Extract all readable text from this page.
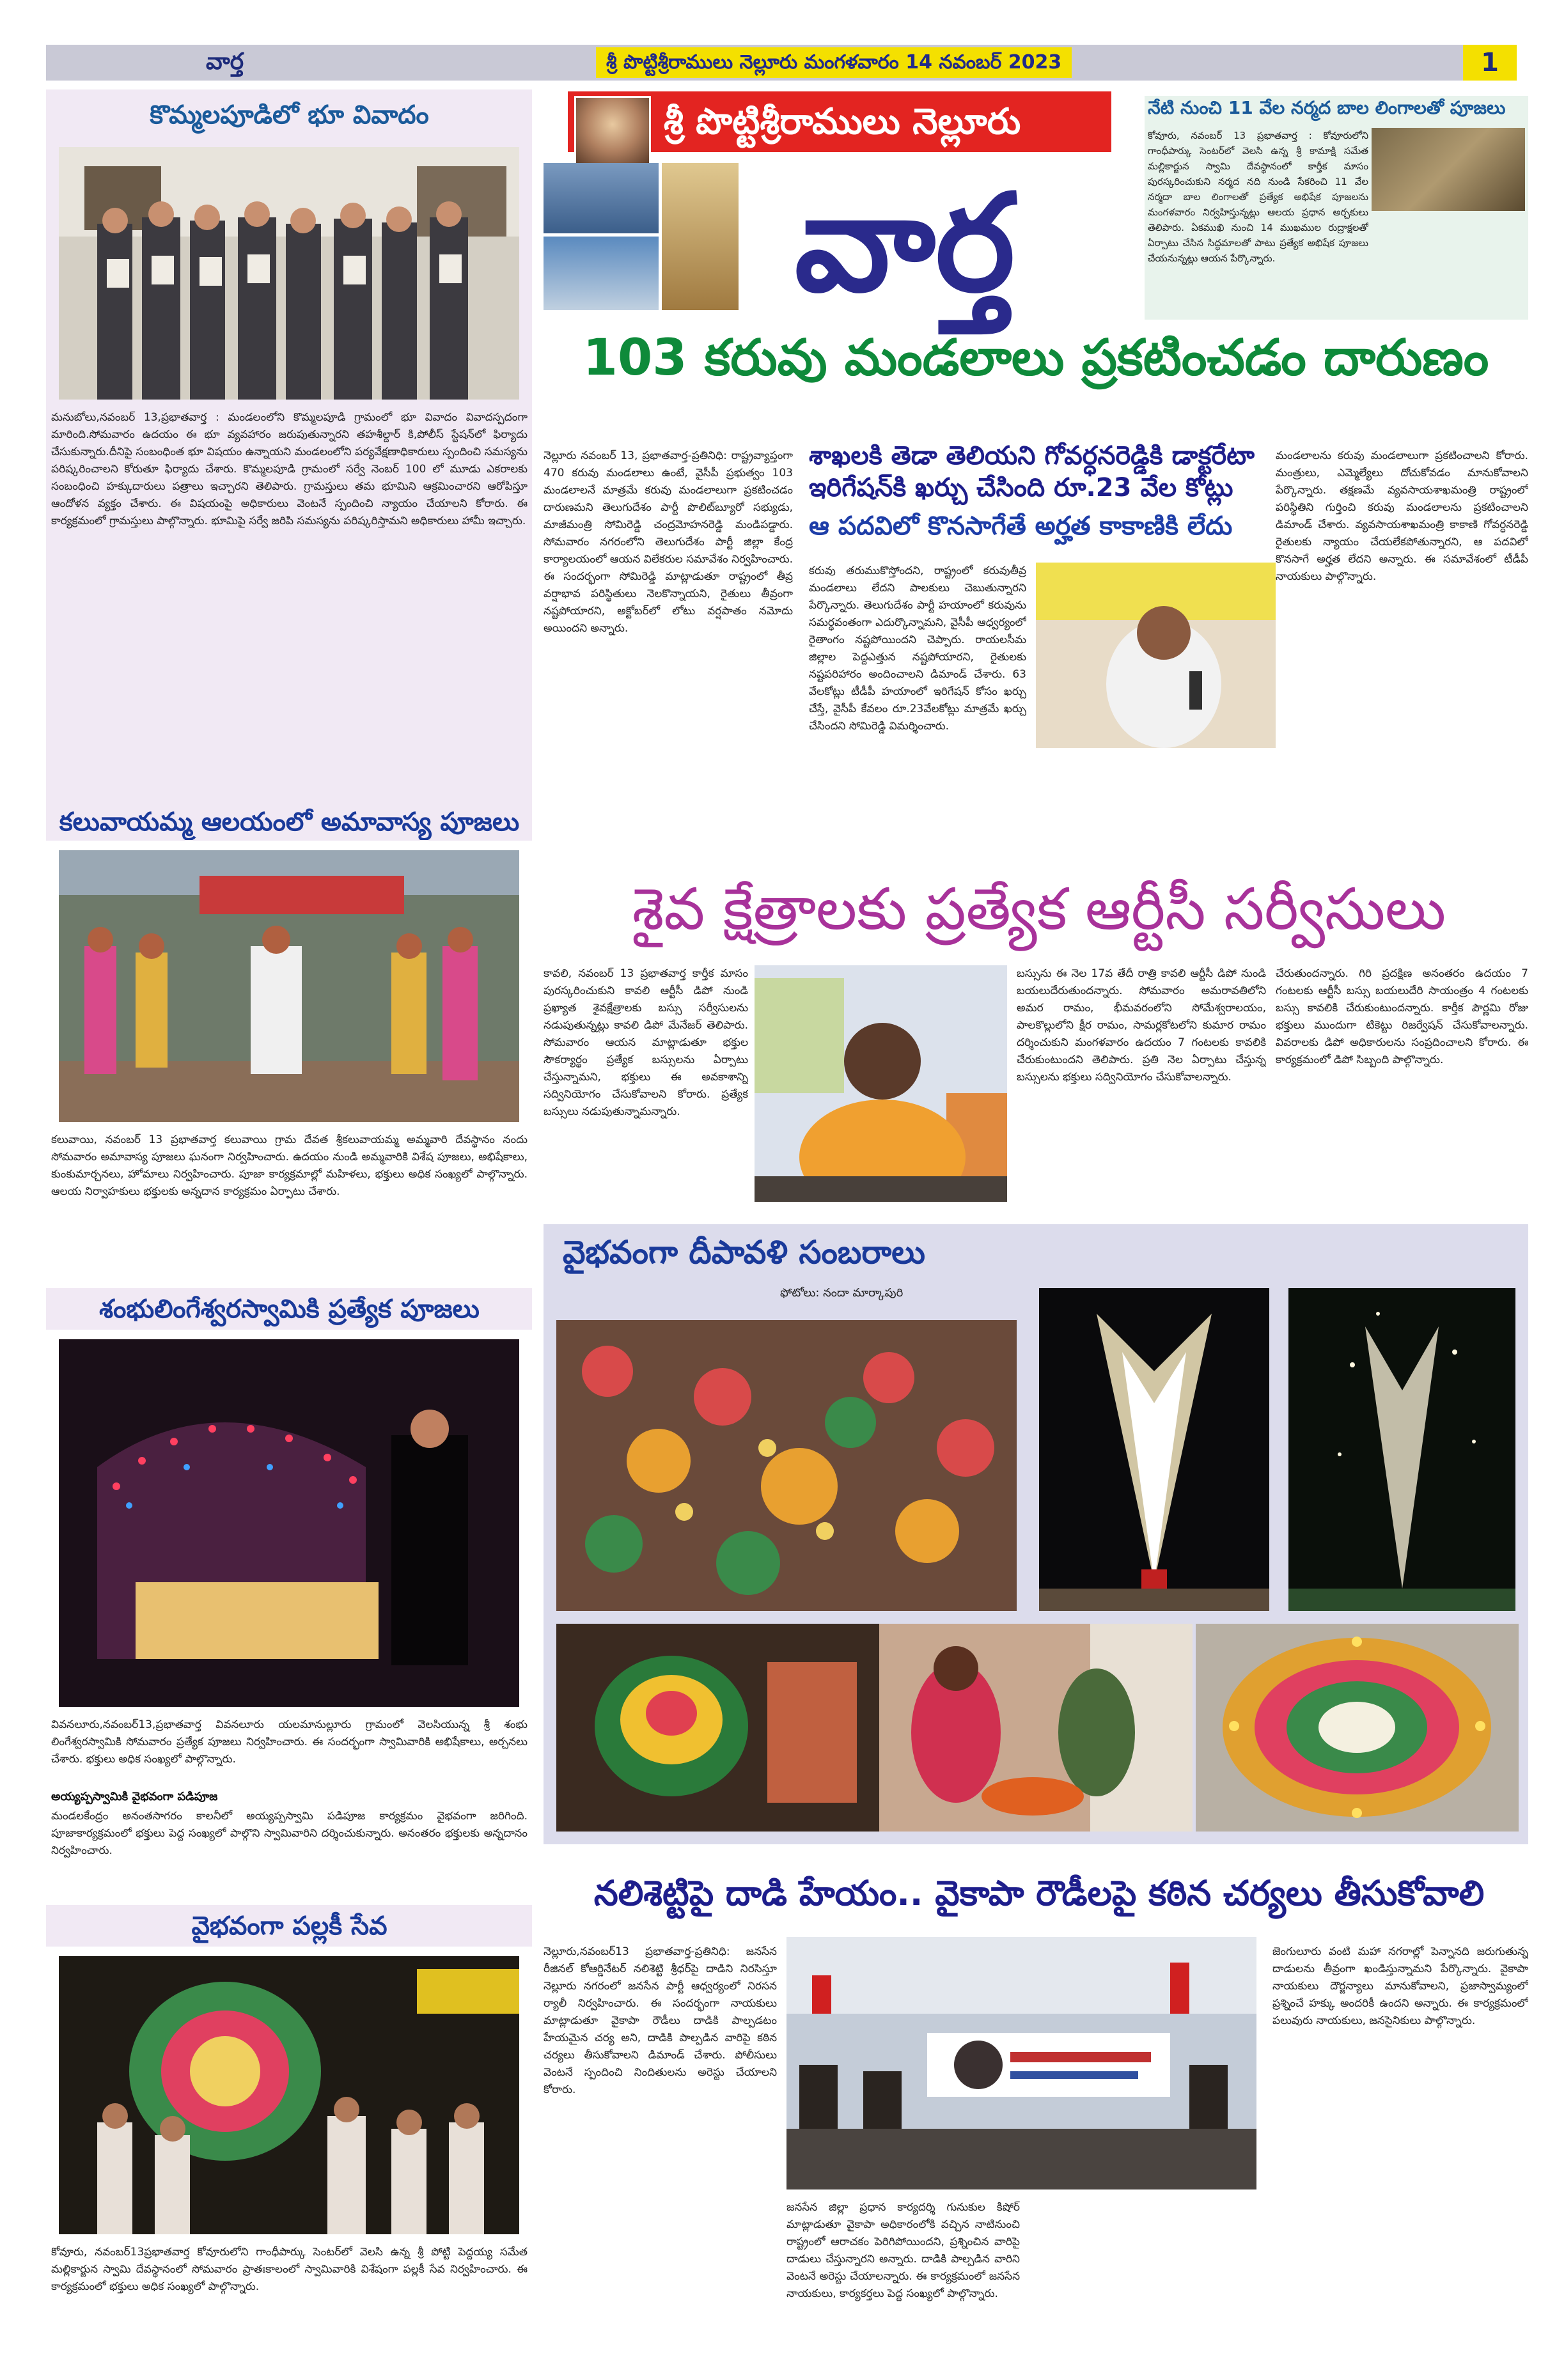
వార్త	శ్రీ పొట్టిశ్రీరాములు నెల్లూరు మంగళవారం 14 నవంబర్ 2023	1
కొమ్మలపూడిలో భూ వివాదం
మనుబోలు,నవంబర్ 13,ప్రభాతవార్త : మండలంలోని కొమ్మలపూడి గ్రామంలో భూ వివాదం వివాదస్పదంగా మారింది.సోమవారం ఉదయం ఈ భూ వ్యవహారం జరుపుతున్నారని తహశీల్దార్ కి,పోలీస్ స్టేషన్‌లో ఫిర్యాదు చేసుకున్నారు.దీనిపై సంబంధింత భూ విషయం ఉన్నాయని మండలంలోని పర్యవేక్షణాధికారులు స్పందించి సమస్యను పరిష్కరించాలని కోరుతూ ఫిర్యాదు చేశారు. కొమ్మలపూడి గ్రామంలో సర్వే నెంబర్ 100 లో మూడు ఎకరాలకు సంబంధించి హక్కుదారులు పత్రాలు ఇచ్చారని తెలిపారు. గ్రామస్తులు తమ భూమిని ఆక్రమించారని ఆరోపిస్తూ ఆందోళన వ్యక్తం చేశారు. ఈ విషయంపై అధికారులు వెంటనే స్పందించి న్యాయం చేయాలని కోరారు. ఈ కార్యక్రమంలో గ్రామస్తులు పాల్గొన్నారు. భూమిపై సర్వే జరిపి సమస్యను పరిష్కరిస్తామని అధికారులు హామీ ఇచ్చారు.
కలువాయమ్మ ఆలయంలో అమావాస్య పూజలు
కలువాయి, నవంబర్ 13 ప్రభాతవార్త కలువాయి గ్రామ దేవత శ్రీకలువాయమ్మ అమ్మవారి దేవస్థానం నందు సోమవారం అమావాస్య పూజలు ఘనంగా నిర్వహించారు. ఉదయం నుండి అమ్మవారికి విశేష పూజలు, అభిషేకాలు, కుంకుమార్చనలు, హోమాలు నిర్వహించారు. పూజా కార్యక్రమాల్లో మహిళలు, భక్తులు అధిక సంఖ్యలో పాల్గొన్నారు. ఆలయ నిర్వాహకులు భక్తులకు అన్నదాన కార్యక్రమం ఏర్పాటు చేశారు.
శంభులింగేశ్వరస్వామికి ప్రత్యేక పూజలు
వివనలూరు,నవంబర్13,ప్రభాతవార్త వివనలూరు యలమానుల్లూరు గ్రామంలో వెలసియున్న శ్రీ శంభు లింగేశ్వరస్వామికి సోమవారం ప్రత్యేక పూజలు నిర్వహించారు. ఈ సందర్భంగా స్వామివారికి అభిషేకాలు, అర్చనలు చేశారు. భక్తులు అధిక సంఖ్యలో పాల్గొన్నారు.
అయ్యప్పస్వామికి వైభవంగా పడిపూజ
మండలకేంద్రం అనంతసాగరం కాలనీలో అయ్యప్పస్వామి పడిపూజ కార్యక్రమం వైభవంగా జరిగింది. పూజాకార్యక్రమంలో భక్తులు పెద్ద సంఖ్యలో పాల్గొని స్వామివారిని దర్శించుకున్నారు. అనంతరం భక్తులకు అన్నదానం నిర్వహించారు.
వైభవంగా పల్లకీ సేవ
కోవూరు, నవంబర్13ప్రభాతవార్త కోవూరులోని గాంధీపార్కు సెంటర్‌లో వెలసి ఉన్న శ్రీ పోట్టి పెద్దయ్య సమేత మల్లికార్జున స్వామి దేవస్థానంలో సోమవారం ప్రాతఃకాలంలో స్వామివారికి విశేషంగా పల్లకీ సేవ నిర్వహించారు. ఈ కార్యక్రమంలో భక్తులు అధిక సంఖ్యలో పాల్గొన్నారు.
శ్రీ పొట్టిశ్రీరాములు నెల్లూరు
వార్త
నేటి నుంచి 11 వేల నర్మద బాల లింగాలతో పూజలు
కోవూరు, నవంబర్ 13 ప్రభాతవార్త : కోవూరులోని గాంధీపార్కు సెంటర్‌లో వెలసి ఉన్న శ్రీ కామాక్షి సమేత మల్లికార్జున స్వామి దేవస్థానంలో కార్తీక మాసం పురస్కరించుకుని నర్మద నది నుండి సేకరించి 11 వేల నర్మదా బాల లింగాలతో ప్రత్యేక అభిషేక పూజలను మంగళవారం నిర్వహిస్తున్నట్లు ఆలయ ప్రధాన అర్చకులు తెలిపారు. ఏకముఖి నుంచి 14 ముఖముల రుద్రాక్షలతో ఏర్పాటు చేసిన సిద్ధమాలతో పాటు ప్రత్యేక అభిషేక పూజలు చేయనున్నట్లు ఆయన పేర్కొన్నారు.
103 కరువు మండలాలు ప్రకటించడం దారుణం
నెల్లూరు నవంబర్ 13, ప్రభాతవార్త-ప్రతినిధి: రాష్ట్రవ్యాప్తంగా 470 కరువు మండలాలు ఉంటే, వైసీపీ ప్రభుత్వం 103 మండలాలనే మాత్రమే కరువు మండలాలుగా ప్రకటించడం దారుణమని తెలుగుదేశం పార్టీ పొలిట్‌బ్యూరో సభ్యుడు, మాజీమంత్రి సోమిరెడ్డి చంద్రమోహనరెడ్డి మండిపడ్డారు. సోమవారం నగరంలోని తెలుగుదేశం పార్టీ జిల్లా కేంద్ర కార్యాలయంలో ఆయన విలేకరుల సమావేశం నిర్వహించారు. ఈ సందర్భంగా సోమిరెడ్డి మాట్లాడుతూ రాష్ట్రంలో తీవ్ర వర్షాభావ పరిస్థితులు నెలకొన్నాయని, రైతులు తీవ్రంగా నష్టపోయారని, అక్టోబర్‌లో లోటు వర్షపాతం నమోదు అయిందని అన్నారు.
శాఖలకి తెడా తెలియని గోవర్ధనరెడ్డికి డాక్టరేటా
ఇరిగేషన్‌కి ఖర్చు చేసింది రూ.23 వేల కోట్లు
ఆ పదవిలో కొనసాగేతే అర్హత కాకాణికి లేదు
కరువు తరుముకొస్తోందని, రాష్ట్రంలో కరువుతీవ్ర మండలాలు లేదని పాలకులు చెబుతున్నారని పేర్కొన్నారు. తెలుగుదేశం పార్టీ హయాంలో కరువును సమర్థవంతంగా ఎదుర్కొన్నామని, వైసీపీ ఆధ్వర్యంలో రైతాంగం నష్టపోయిందని చెప్పారు. రాయలసీమ జిల్లాల పెద్దఎత్తున నష్టపోయారని, రైతులకు నష్టపరిహారం అందించాలని డిమాండ్ చేశారు. 63 వేలకోట్లు టీడీపీ హయాంలో ఇరిగేషన్ కోసం ఖర్చు చేస్తే, వైసీపీ కేవలం రూ.23వేలకోట్లు మాత్రమే ఖర్చు చేసిందని సోమిరెడ్డి విమర్శించారు.
మండలాలను కరువు మండలాలుగా ప్రకటించాలని కోరారు. మంత్రులు, ఎమ్మెల్యేలు దోచుకోవడం మానుకోవాలని పేర్కొన్నారు. తక్షణమే వ్యవసాయశాఖమంత్రి రాష్ట్రంలో పరిస్థితిని గుర్తించి కరువు మండలాలను ప్రకటించాలని డిమాండ్ చేశారు. వ్యవసాయశాఖమంత్రి కాకాణి గోవర్ధనరెడ్డి రైతులకు న్యాయం చేయలేకపోతున్నారని, ఆ పదవిలో కొనసాగే అర్హత లేదని అన్నారు. ఈ సమావేశంలో టీడీపీ నాయకులు పాల్గొన్నారు.
శైవ క్షేత్రాలకు ప్రత్యేక ఆర్టీసీ సర్వీసులు
కావలి, నవంబర్ 13 ప్రభాతవార్త కార్తీక మాసం పురస్కరించుకుని కావలి ఆర్టీసీ డిపో నుండి ప్రఖ్యాత శైవక్షేత్రాలకు బస్సు సర్వీసులను నడుపుతున్నట్లు కావలి డిపో మేనేజర్ తెలిపారు. సోమవారం ఆయన మాట్లాడుతూ భక్తుల సౌకర్యార్థం ప్రత్యేక బస్సులను ఏర్పాటు చేస్తున్నామని, భక్తులు ఈ అవకాశాన్ని సద్వినియోగం చేసుకోవాలని కోరారు. ప్రత్యేక బస్సులు నడుపుతున్నామన్నారు.
బస్సును ఈ నెల 17వ తేదీ రాత్రి కావలి ఆర్టీసీ డిపో నుండి బయలుదేరుతుందన్నారు. సోమవారం అమరావతిలోని అమర రామం, భీమవరంలోని సోమేశ్వరాలయం, పాలకొల్లులోని క్షీర రామం, సామర్లకోటలోని కుమార రామం దర్శించుకుని మంగళవారం ఉదయం 7 గంటలకు కావలికి చేరుకుంటుందని తెలిపారు. ప్రతి నెల ఏర్పాటు చేస్తున్న బస్సులను భక్తులు సద్వినియోగం చేసుకోవాలన్నారు.
చేరుతుందన్నారు. గిరి ప్రదక్షిణ అనంతరం ఉదయం 7 గంటలకు ఆర్టీసీ బస్సు బయలుదేరి సాయంత్రం 4 గంటలకు బస్సు కావలికి చేరుకుంటుందన్నారు. కార్తీక పౌర్ణమి రోజు భక్తులు ముందుగా టికెట్టు రిజర్వేషన్ చేసుకోవాలన్నారు. వివరాలకు డిపో అధికారులను సంప్రదించాలని కోరారు. ఈ కార్యక్రమంలో డిపో సిబ్బంది పాల్గొన్నారు.
వైభవంగా దీపావళి సంబరాలు
ఫోటోలు: నందా మార్కాపురి
నలిశెట్టిపై దాడి హేయం.. వైకాపా రౌడీలపై కఠిన చర్యలు తీసుకోవాలి
నెల్లూరు,నవంబర్13 ప్రభాతవార్త-ప్రతినిధి: జనసేన రీజినల్ కోఆర్డినేటర్ నలిశెట్టి శ్రీధర్‌పై దాడిని నిరసిస్తూ నెల్లూరు నగరంలో జనసేన పార్టీ ఆధ్వర్యంలో నిరసన ర్యాలీ నిర్వహించారు. ఈ సందర్భంగా నాయకులు మాట్లాడుతూ వైకాపా రౌడీలు దాడికి పాల్పడటం హేయమైన చర్య అని, దాడికి పాల్పడిన వారిపై కఠిన చర్యలు తీసుకోవాలని డిమాండ్ చేశారు. పోలీసులు వెంటనే స్పందించి నిందితులను అరెస్టు చేయాలని కోరారు.
జనసేన జిల్లా ప్రధాన కార్యదర్శి గునుకుల కిషోర్ మాట్లాడుతూ వైకాపా అధికారంలోకి వచ్చిన నాటినుంచి రాష్ట్రంలో ఆరాచకం పెరిగిపోయిందని, ప్రశ్నించిన వారిపై దాడులు చేస్తున్నారని అన్నారు. దాడికి పాల్పడిన వారిని వెంటనే అరెస్టు చేయాలన్నారు. ఈ కార్యక్రమంలో జనసేన నాయకులు, కార్యకర్తలు పెద్ద సంఖ్యలో పాల్గొన్నారు.
జెంగులూరు వంటి మహా నగరాల్లో పెన్నానది జరుగుతున్న దాడులను తీవ్రంగా ఖండిస్తున్నామని పేర్కొన్నారు. వైకాపా నాయకులు దౌర్జన్యాలు మానుకోవాలని, ప్రజాస్వామ్యంలో ప్రశ్నించే హక్కు అందరికీ ఉందని అన్నారు. ఈ కార్యక్రమంలో పలువురు నాయకులు, జనసైనికులు పాల్గొన్నారు.
